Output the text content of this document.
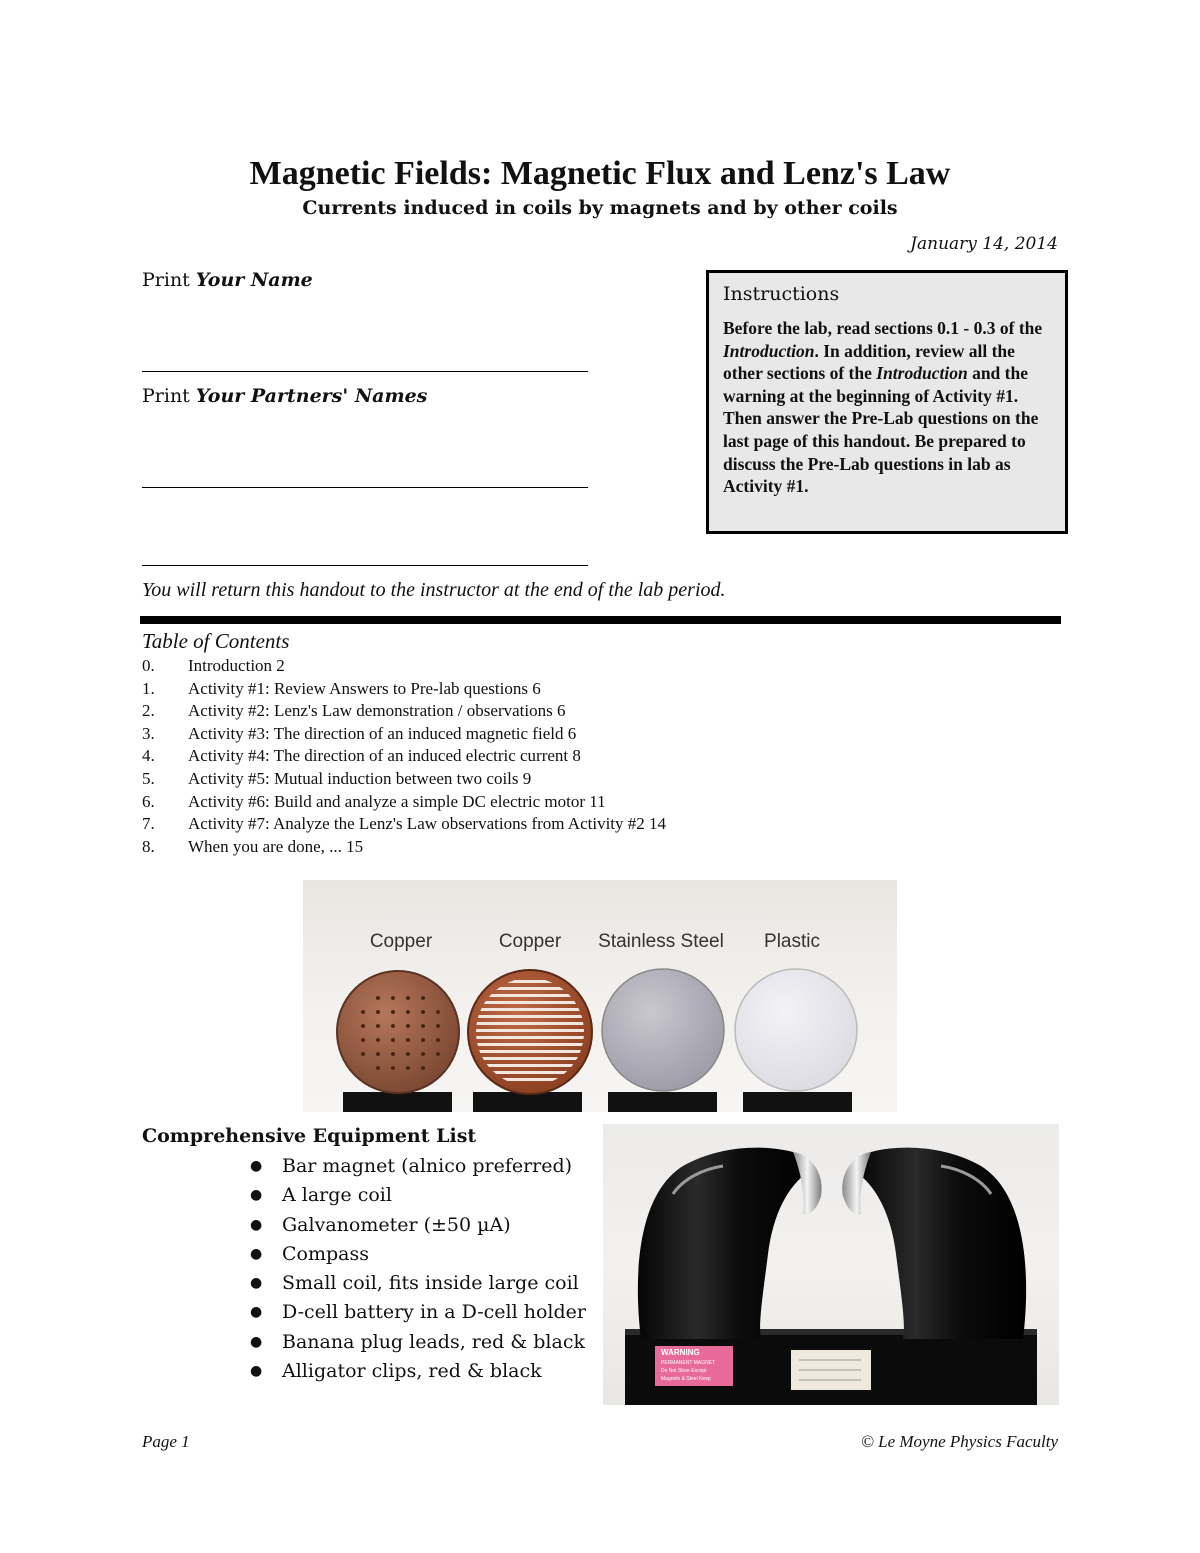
Magnetic Fields: Magnetic Flux and Lenz's Law
Currents induced in coils by magnets and by other coils
January 14, 2014
Print Your Name
Print Your Partners' Names
Instructions
Before the lab, read sections 0.1 - 0.3 of the Introduction. In addition, review all the other sections of the Introduction and the warning at the beginning of Activity #1. Then answer the Pre-Lab questions on the last page of this handout. Be prepared to discuss the Pre-Lab questions in lab as Activity #1.
You will return this handout to the instructor at the end of the lab period.
Table of Contents
0. Introduction 2
1. Activity #1: Review Answers to Pre-lab questions 6
2. Activity #2: Lenz's Law demonstration / observations 6
3. Activity #3: The direction of an induced magnetic field 6
4. Activity #4: The direction of an induced electric current 8
5. Activity #5: Mutual induction between two coils 9
6. Activity #6: Build and analyze a simple DC electric motor 11
7. Activity #7: Analyze the Lenz's Law observations from Activity #2 14
8. When you are done, ... 15
Copper	Copper Stainless Steel Plastic
Comprehensive Equipment List
● Bar magnet (alnico preferred)
● A large coil
● Galvanometer (±50 µA)
● Compass
● Small coil, fits inside large coil
● D-cell battery in a D-cell holder
● Banana plug leads, red & black
● Alligator clips, red & black
WARNING
PERMANENT MAGNET
Do Not Store Except
Magnets & Steel Keep
Page 1	© Le Moyne Physics Faculty
